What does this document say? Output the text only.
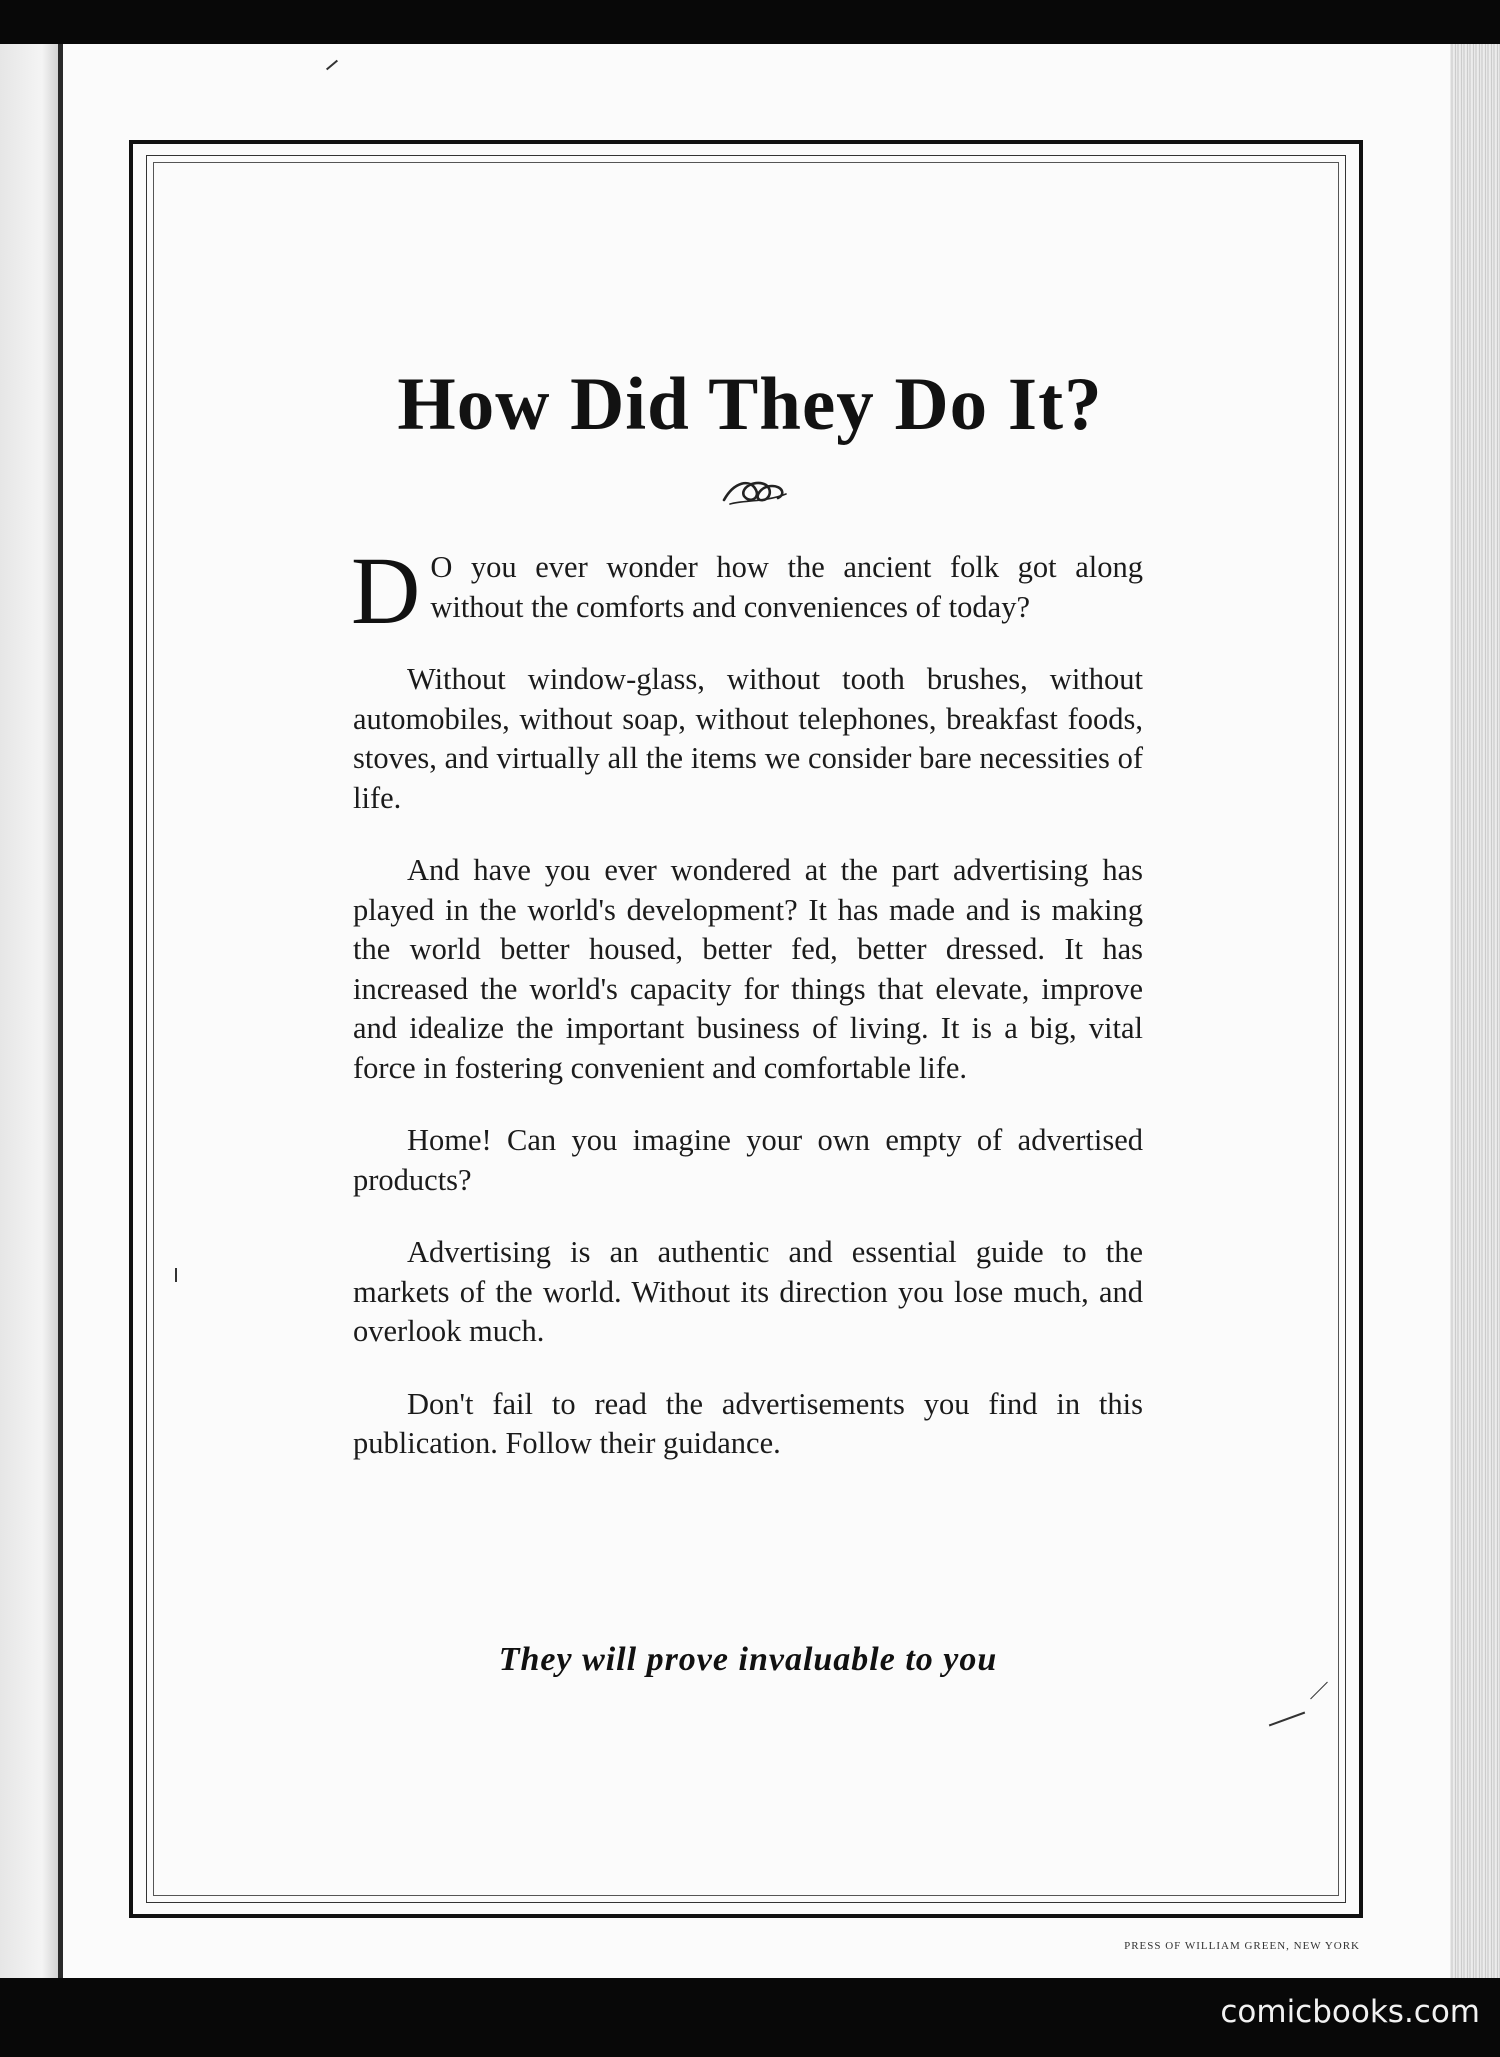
How Did They Do It?

D O you ever wonder how the ancient folk got along without the comforts and conveniences of today?

Without window-glass, without tooth brushes, without automobiles, without soap, without telephones, breakfast foods, stoves, and virtually all the items we consider bare necessities of life.

And have you ever wondered at the part advertising has played in the world's development? It has made and is making the world better housed, better fed, better dressed. It has increased the world's capacity for things that elevate, improve and idealize the important business of living. It is a big, vital force in fostering convenient and comfortable life.

Home! Can you imagine your own empty of advertised products?

Advertising is an authentic and essential guide to the markets of the world. Without its direction you lose much, and overlook much.

Don't fail to read the advertisements you find in this publication. Follow their guidance.

They will prove invaluable to you
PRESS OF WILLIAM GREEN, NEW YORK
comicbooks.com
